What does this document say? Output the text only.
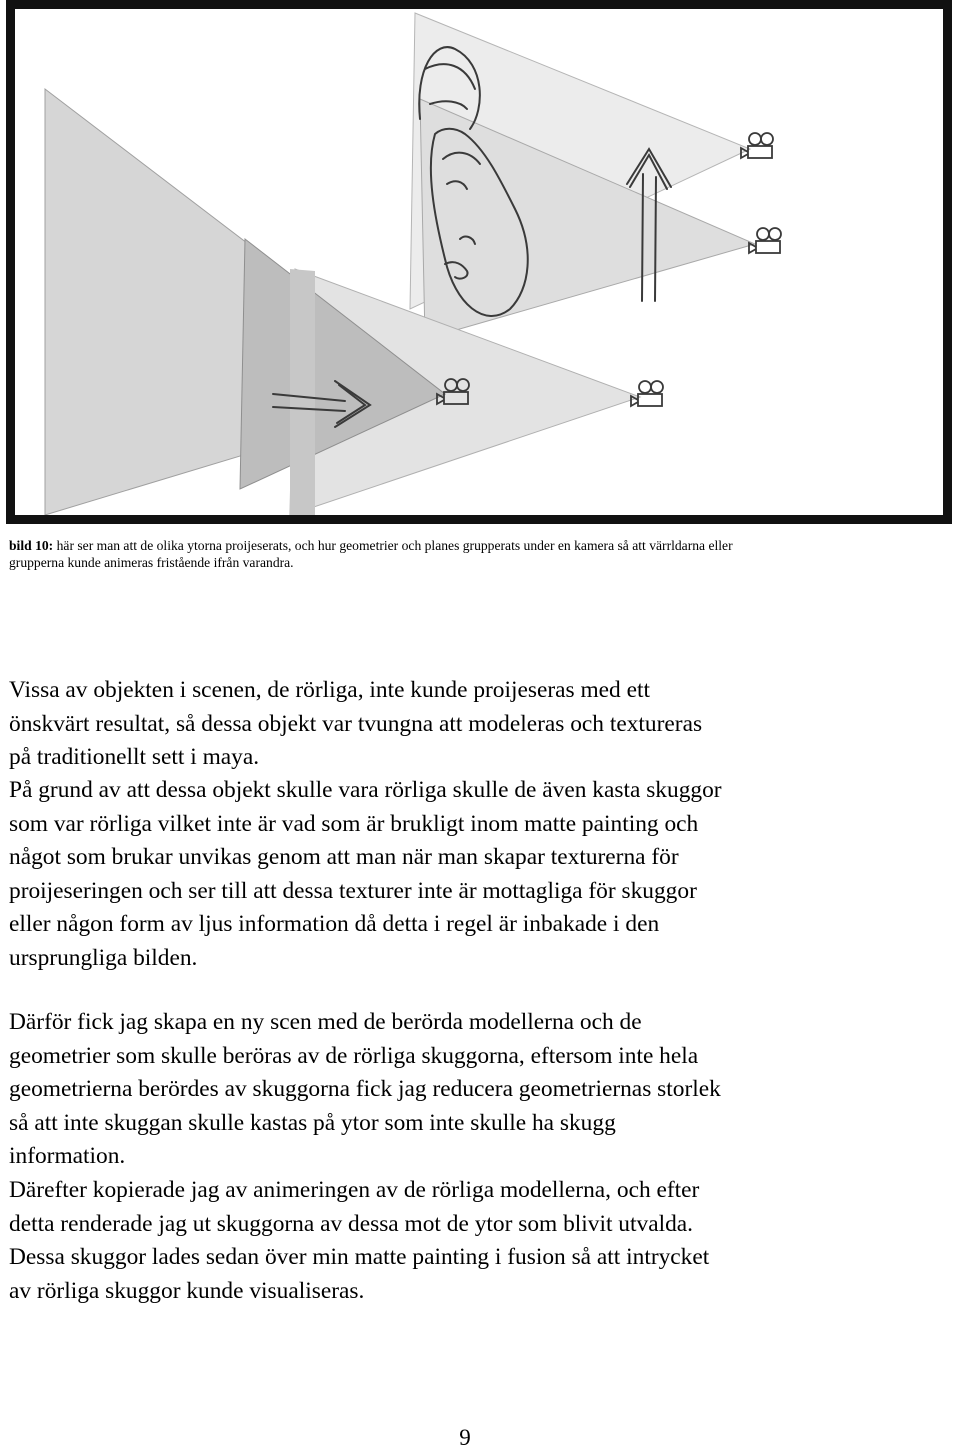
bild 10: här ser man att de olika ytorna proijeserats, och hur geometrier och planes grupperats under en kamera så att värrldarna eller
grupperna kunde animeras fristående ifrån varandra.

Vissa av objekten i scenen, de rörliga, inte kunde proijeseras med ett
önskvärt resultat, så dessa objekt var tvungna att modeleras och textureras
på traditionellt sett i maya.

På grund av att dessa objekt skulle vara rörliga skulle de även kasta skuggor
som var rörliga vilket inte är vad som är brukligt inom matte painting och
något som brukar unvikas genom att man när man skapar texturerna för
proijeseringen och ser till att dessa texturer inte är mottagliga för skuggor
eller någon form av ljus information då detta i regel är inbakade i den
ursprungliga bilden.

Därför fick jag skapa en ny scen med de berörda modellerna och de
geometrier som skulle beröras av de rörliga skuggorna, eftersom inte hela
geometrierna berördes av skuggorna fick jag reducera geometriernas storlek
så att inte skuggan skulle kastas på ytor som inte skulle ha skugg
information.

Därefter kopierade jag av animeringen av de rörliga modellerna, och efter
detta renderade jag ut skuggorna av dessa mot de ytor som blivit utvalda.
Dessa skuggor lades sedan över min matte painting i fusion så att intrycket
av rörliga skuggor kunde visualiseras.

9
